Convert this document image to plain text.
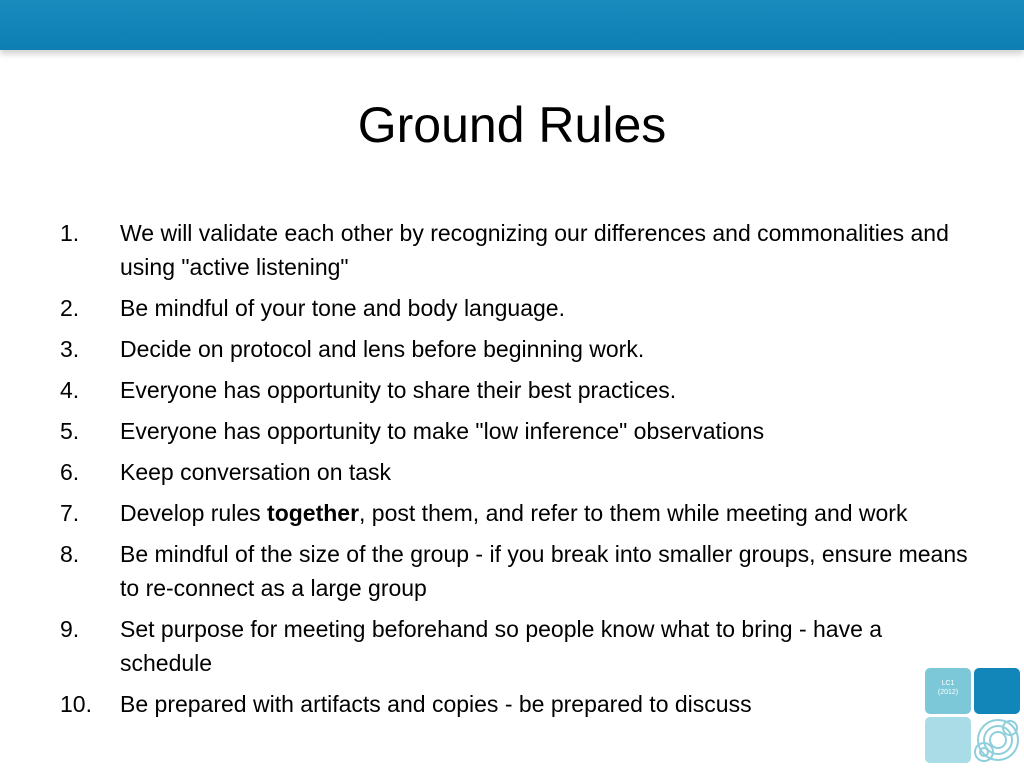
Ground Rules
1.	We will validate each other by recognizing our differences and commonalities and using "active listening"
2.	Be mindful of your tone and body language.
3.	Decide on protocol and lens before beginning work.
4.	Everyone has opportunity to share their best practices.
5.	Everyone has opportunity to make "low inference" observations
6.	Keep conversation on task
7.	Develop rules together, post them, and refer to them while meeting and work
8.	Be mindful of the size of the group - if you break into smaller groups, ensure means to re-connect as a large group
9.	Set purpose for meeting beforehand so people know what to bring - have a schedule
10.	Be prepared with artifacts and copies - be prepared to discuss
LC1
(2012)
